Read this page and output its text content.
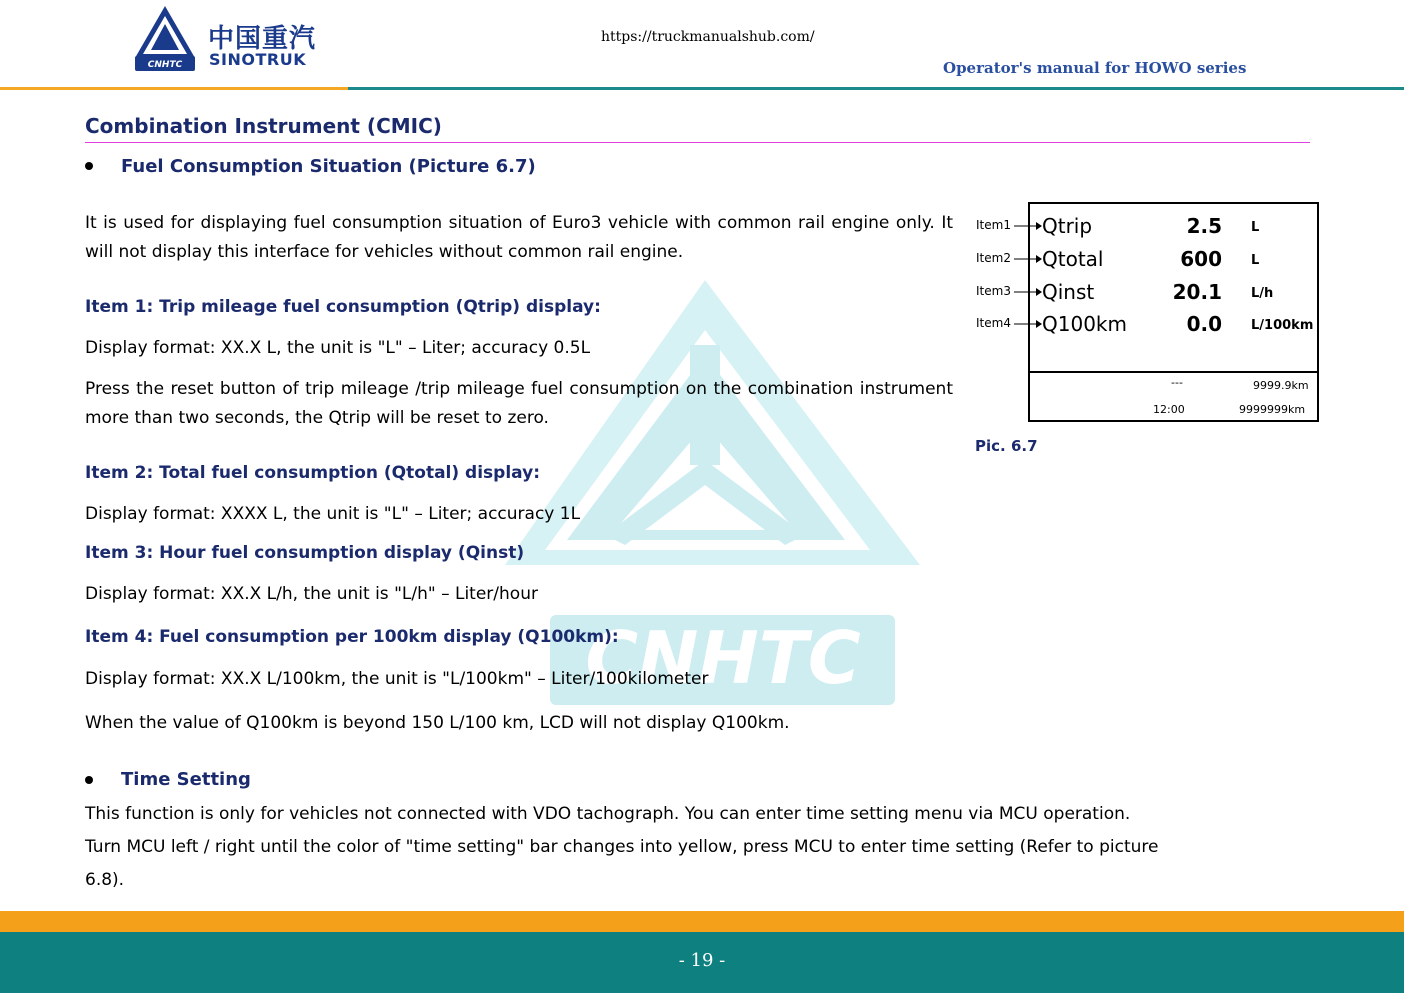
CNHTC
中国重汽
SINOTRUK
https://truckmanualshub.com/
Operator's manual for HOWO series
CNHTC
Combination Instrument (CMIC)
Fuel Consumption Situation (Picture 6.7)
It is used for displaying fuel consumption situation of Euro3 vehicle with common rail engine only. It will not display this interface for vehicles without common rail engine.
Item 1: Trip mileage fuel consumption (Qtrip) display:
Display format: XX.X L, the unit is "L" – Liter; accuracy 0.5L
Press the reset button of trip mileage /trip mileage fuel consumption on the combination instrument more than two seconds, the Qtrip will be reset to zero.
Item 2: Total fuel consumption (Qtotal) display:
Display format: XXXX L, the unit is "L" – Liter; accuracy 1L
Item 3: Hour fuel consumption display (Qinst)
Display format: XX.X L/h, the unit is "L/h" – Liter/hour
Item 4: Fuel consumption per 100km display (Q100km):
Display format: XX.X L/100km, the unit is "L/100km" – Liter/100kilometer
When the value of Q100km is beyond 150 L/100 km, LCD will not display Q100km.
Qtrip	2.5 L
Qtotal	600 L
Qinst	20.1 L/h
Q100km	0.0 L/100km
---	9999.9km
12:00	9999999km
Item1
Item2
Item3
Item4
Pic. 6.7
Time Setting
This function is only for vehicles not connected with VDO tachograph. You can enter time setting menu via MCU operation.
Turn MCU left / right until the color of "time setting" bar changes into yellow, press MCU to enter time setting (Refer to picture
6.8).
- 19 -
